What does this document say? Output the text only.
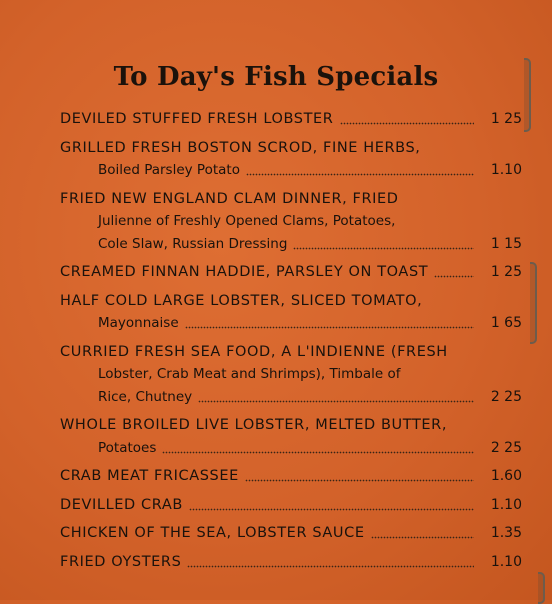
To Day's Fish Specials
DEVILED STUFFED FRESH LOBSTER	1 25
GRILLED FRESH BOSTON SCROD, FINE HERBS,
Boiled Parsley Potato	1.10
FRIED NEW ENGLAND CLAM DINNER, FRIED
Julienne of Freshly Opened Clams, Potatoes,
Cole Slaw, Russian Dressing	1 15
CREAMED FINNAN HADDIE, PARSLEY ON TOAST	1 25
HALF COLD LARGE LOBSTER, SLICED TOMATO,
Mayonnaise	1 65
CURRIED FRESH SEA FOOD, A L'INDIENNE (FRESH
Lobster, Crab Meat and Shrimps), Timbale of
Rice, Chutney	2 25
WHOLE BROILED LIVE LOBSTER, MELTED BUTTER,
Potatoes	2 25
CRAB MEAT FRICASSEE	1.60
DEVILLED CRAB	1.10
CHICKEN OF THE SEA, LOBSTER SAUCE	1.35
FRIED OYSTERS	1.10
